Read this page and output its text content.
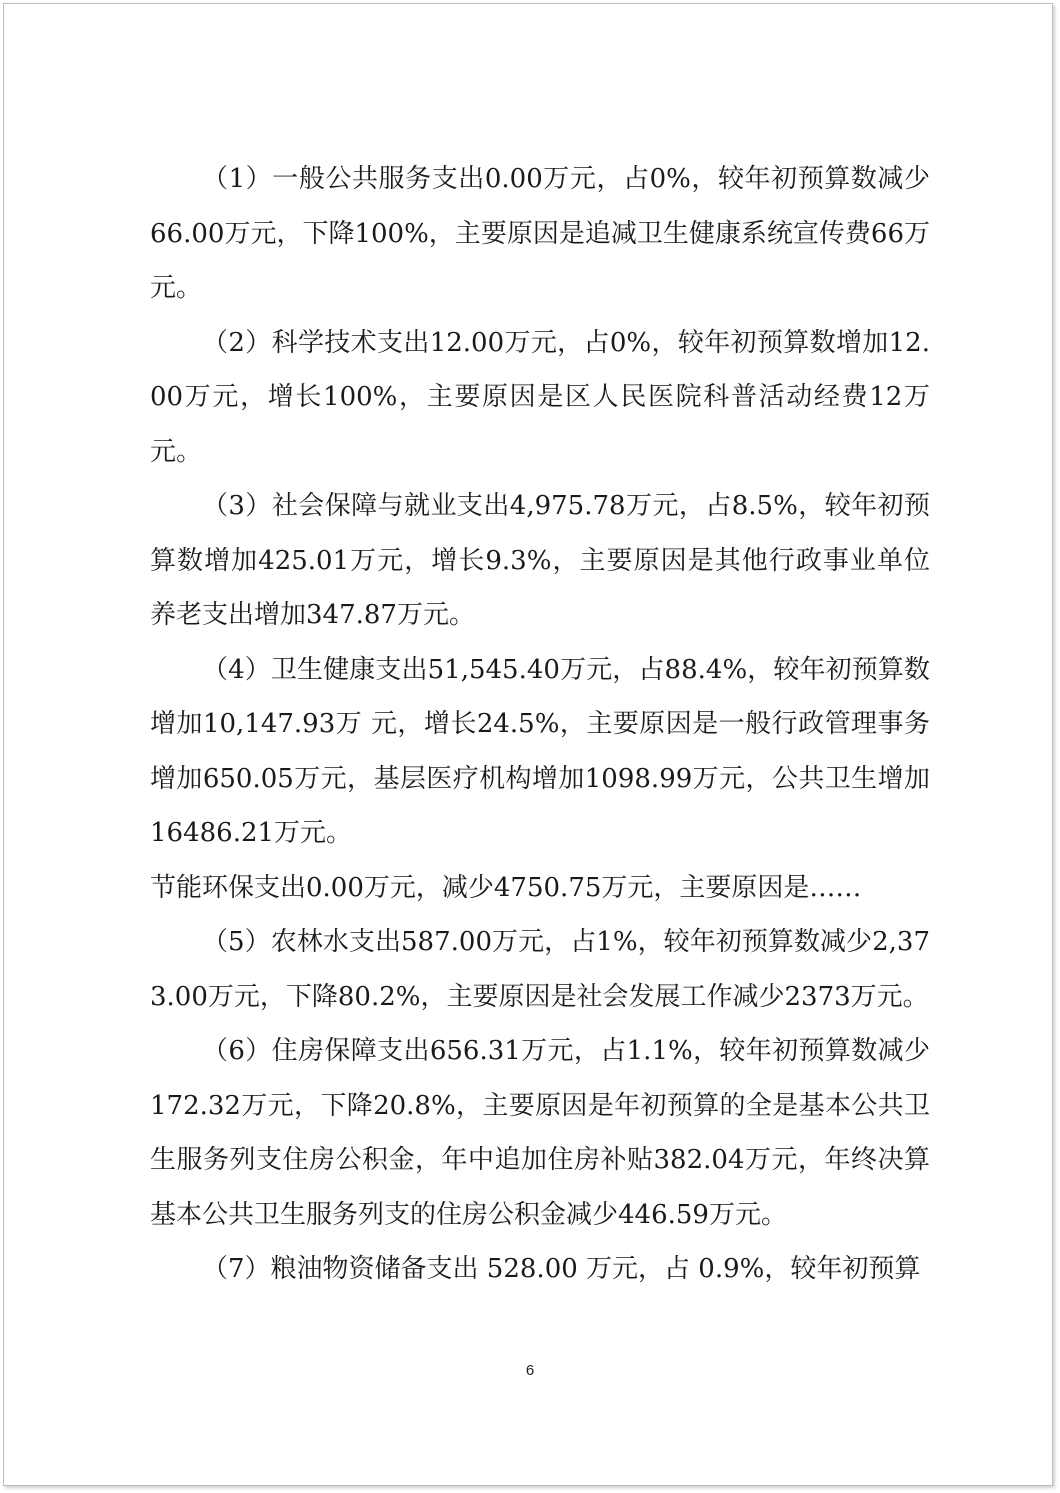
（1）一般公共服务支出0.00万元，占0%，较年初预算数减少66.00万元，下降100%，主要原因是追减卫生健康系统宣传费66万元。

（2）科学技术支出12.00万元，占0%，较年初预算数增加12.00万元，增长100%，主要原因是区人民医院科普活动经费12万元。

（3）社会保障与就业支出4,975.78万元，占8.5%，较年初预算数增加425.01万元，增长9.3%，主要原因是其他行政事业单位养老支出增加347.87万元。

（4）卫生健康支出51,545.40万元，占88.4%，较年初预算数增加10,147.93万 元，增长24.5%，主要原因是一般行政管理事务增加650.05万元，基层医疗机构增加1098.99万元，公共卫生增加16486.21万元。

节能环保支出0.00万元，减少4750.75万元，主要原因是……

（5）农林水支出587.00万元，占1%，较年初预算数减少2,373.00万元，下降80.2%，主要原因是社会发展工作减少2373万元。

（6）住房保障支出656.31万元，占1.1%，较年初预算数减少172.32万元，下降20.8%，主要原因是年初预算的全是基本公共卫生服务列支住房公积金，年中追加住房补贴382.04万元，年终决算基本公共卫生服务列支的住房公积金减少446.59万元。

（7）粮油物资储备支出 528.00 万元，占 0.9%，较年初预算

6
